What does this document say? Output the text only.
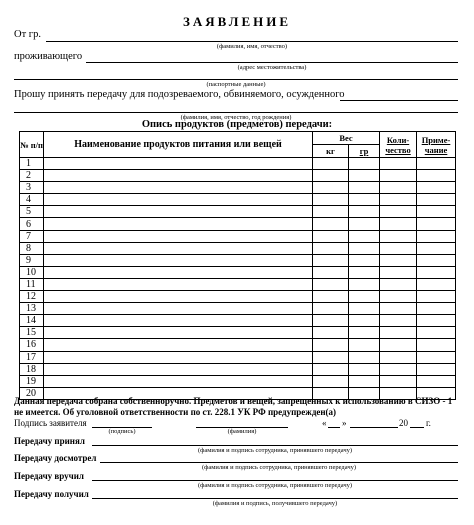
ЗАЯВЛЕНИЕ
От гр.
(фамилия, имя, отчество)
проживающего
(адрес местожительства)
(паспортные данные)
Прошу принять передачу для подозреваемого, обвиняемого, осужденного
(фамилия, имя, отчество, год рождения)
Опись продуктов (предметов) передачи:
№ п/п	Наименование продуктов питания или вещей	Вес		Коли-чество	Приме-чание
		кг	гр		
1					
2					
3					
4					
5					
6					
7					
8					
9					
10					
11					
12					
13					
14					
15					
16					
17					
18					
19					
20					
Данная передача собрана собственноручно. Предметов и вещей, запрещенных к использованию в СИЗО - 1 не имеется. Об уголовной ответственности по ст. 228.1 УК РФ предупрежден(а)
Подпись заявителя
(подпись)	(фамилия)
« »	20 г.
Передачу принял
(фамилия и подпись сотрудника, принявшего передачу)
Передачу досмотрел
(фамилия и подпись сотрудника, принявшего передачу)
Передачу вручил
(фамилия и подпись сотрудника, принявшего передачу)
Передачу получил
(фамилия и подпись, получившего передачу)
